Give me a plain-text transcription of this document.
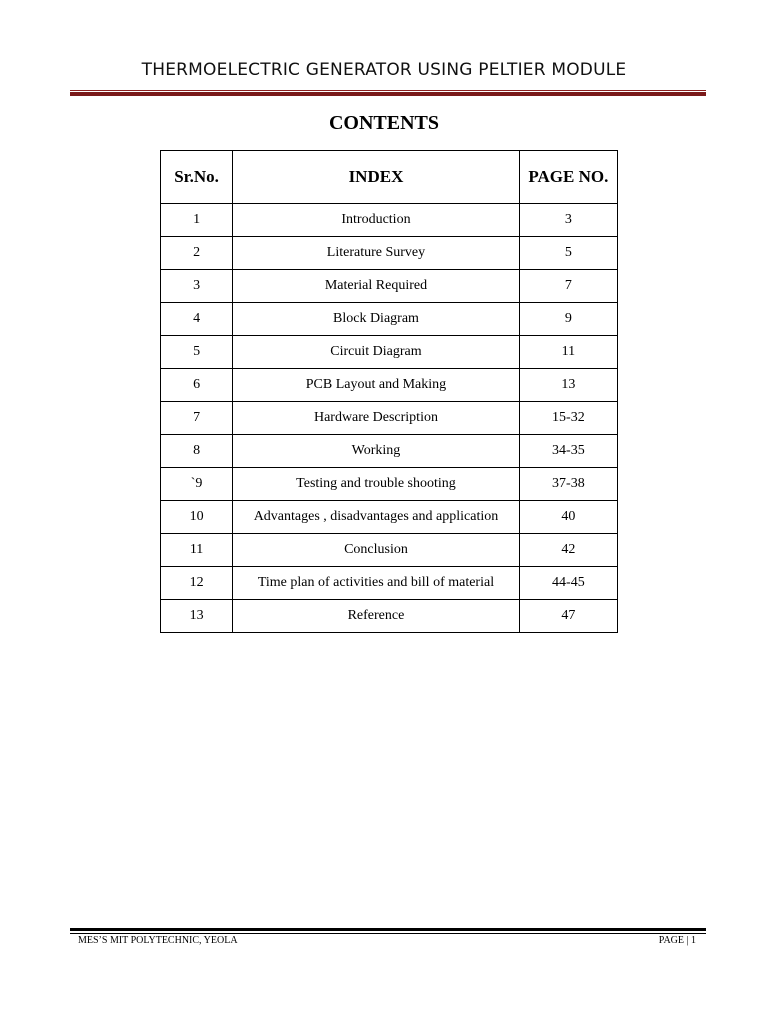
THERMOELECTRIC GENERATOR USING PELTIER MODULE
CONTENTS
Sr.No.	INDEX	PAGE NO.
1	Introduction	3
2	Literature Survey	5
3	Material Required	7
4	Block Diagram	9
5	Circuit Diagram	11
6	PCB Layout and Making	13
7	Hardware Description	15-32
8	Working	34-35
`9	Testing and trouble shooting	37-38
10	Advantages , disadvantages and application	40
11	Conclusion	42
12	Time plan of activities and bill of material	44-45
13	Reference	47
MES’S MIT POLYTECHNIC, YEOLA	PAGE | 1
